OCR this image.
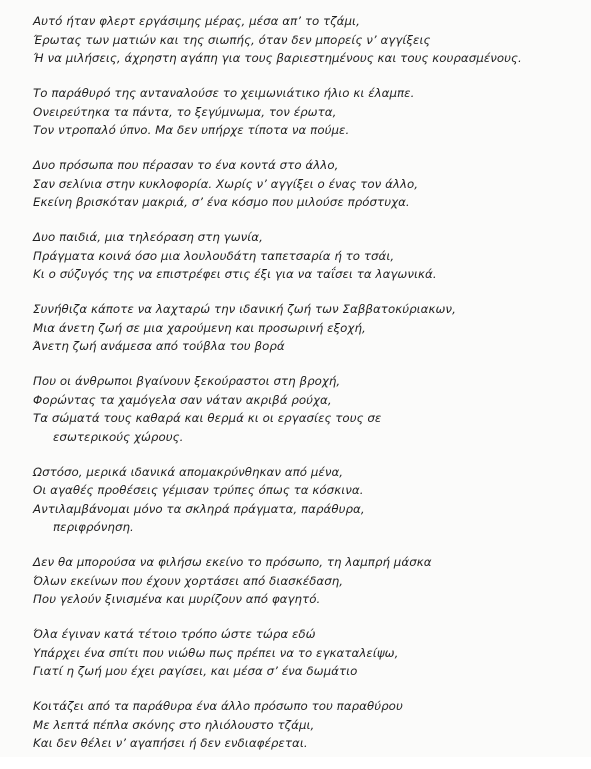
Αυτό ήταν φλερτ εργάσιμης μέρας, μέσα απ’ το τζάμι,
Έρωτας των ματιών και της σιωπής, όταν δεν μπορείς ν’ αγγίξεις
Ή να μιλήσεις, άχρηστη αγάπη για τους βαριεστημένους και τους κουρασμένους.
Το παράθυρό της ανταναλούσε το χειμωνιάτικο ήλιο κι έλαμπε.
Ονειρεύτηκα τα πάντα, το ξεγύμνωμα, τον έρωτα,
Τον ντροπαλό ύπνο. Μα δεν υπήρχε τίποτα να πούμε.
Δυο πρόσωπα που πέρασαν το ένα κοντά στο άλλο,
Σαν σελίνια στην κυκλοφορία. Χωρίς ν’ αγγίξει ο ένας τον άλλο,
Εκείνη βρισκόταν μακριά, σ’ ένα κόσμο που μιλούσε πρόστυχα.
Δυο παιδιά, μια τηλεόραση στη γωνία,
Πράγματα κοινά όσο μια λουλουδάτη ταπετσαρία ή το τσάι,
Κι ο σύζυγός της να επιστρέφει στις έξι για να ταΐσει τα λαγωνικά.
Συνήθιζα κάποτε να λαχταρώ την ιδανική ζωή των Σαββατοκύριακων,
Μια άνετη ζωή σε μια χαρούμενη και προσωρινή εξοχή,
Άνετη ζωή ανάμεσα από τούβλα του βορά
Που οι άνθρωποι βγαίνουν ξεκούραστοι στη βροχή,
Φορώντας τα χαμόγελα σαν νάταν ακριβά ρούχα,
Τα σώματά τους καθαρά και θερμά κι οι εργασίες τους σε
εσωτερικούς χώρους.
Ωστόσο, μερικά ιδανικά απομακρύνθηκαν από μένα,
Οι αγαθές προθέσεις γέμισαν τρύπες όπως τα κόσκινα.
Αντιλαμβάνομαι μόνο τα σκληρά πράγματα, παράθυρα,
περιφρόνηση.
Δεν θα μπορούσα να φιλήσω εκείνο το πρόσωπο, τη λαμπρή μάσκα
Όλων εκείνων που έχουν χορτάσει από διασκέδαση,
Που γελούν ξινισμένα και μυρίζουν από φαγητό.
Όλα έγιναν κατά τέτοιο τρόπο ώστε τώρα εδώ
Υπάρχει ένα σπίτι που νιώθω πως πρέπει να το εγκαταλείψω,
Γιατί η ζωή μου έχει ραγίσει, και μέσα σ’ ένα δωμάτιο
Κοιτάζει από τα παράθυρα ένα άλλο πρόσωπο του παραθύρου
Με λεπτά πέπλα σκόνης στο ηλιόλουστο τζάμι,
Και δεν θέλει ν’ αγαπήσει ή δεν ενδιαφέρεται.
